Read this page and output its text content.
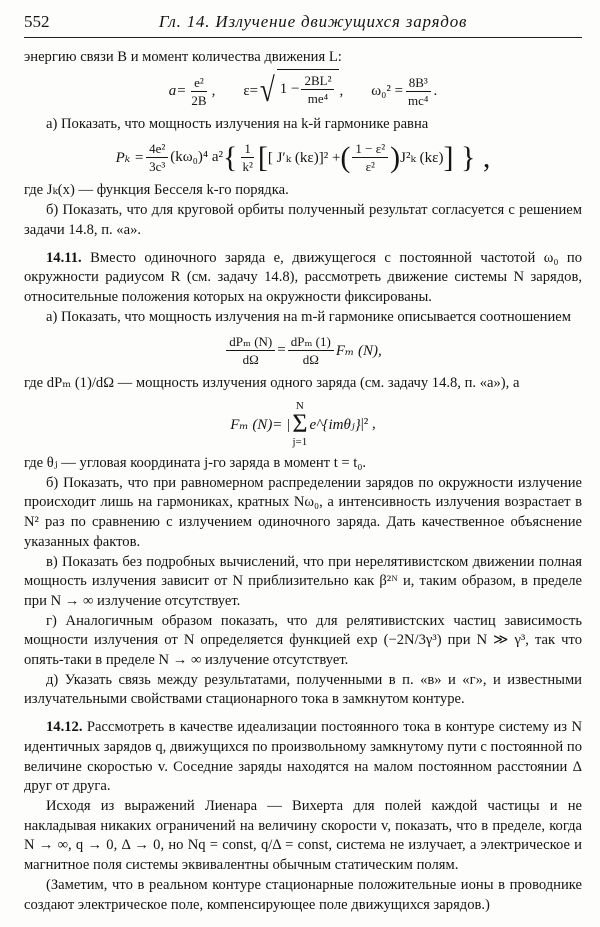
552	Гл. 14. Излучение движущихся зарядов

энергию связи B и момент количества движения L:

$a= \frac{\text{e²}}{2B}$ , ε= √ $1 - \frac{\text{2BL²}}{\text{me⁴}}$ , $\omega_0^2 = \frac{\text{8B³}}{\text{mc⁴}}$ .

а) Показать, что мощность излучения на k-й гармонике равна

$P_k = \frac{\text{4e²}}{\text{3c³}} (k\omega_0)^4$ a² { $\frac{1}{\text{k²}}$ [ [ J′ₖ (kε)]² + ( $\frac{\text{1 − ε²}}{\text{ε²}}$ ) J²ₖ (kε) ] } ,

где Jₖ(x) — функция Бесселя k-го порядка.

б) Показать, что для круговой орбиты полученный результат согласуется с решением задачи 14.8, п. «а».

14.11. Вместо одиночного заряда e, движущегося с постоянной частотой ω₀ по окружности радиусом R (см. задачу 14.8), рассмотреть движение системы N зарядов, относительные положения которых на окружности фиксированы.

а) Показать, что мощность излучения на m-й гармонике описывается соотношением

$\frac{\text{dPₘ (N)}}{d\Omega} = \frac{\text{dPₘ (1)}}{d\Omega}$ Fₘ (N),

где dPₘ (1)/dΩ — мощность излучения одного заряда (см. задачу 14.8, п. «а»), а

Fₘ (N)= |
N
Σ
j=1
e^{imθⱼ} |² ,

где θⱼ — угловая координата j-го заряда в момент t = t₀.

б) Показать, что при равномерном распределении зарядов по окружности излучение происходит лишь на гармониках, кратных Nω₀, а интенсивность излучения возрастает в N² раз по сравнению с излучением одиночного заряда. Дать качественное объяснение указанных фактов.

в) Показать без подробных вычислений, что при нерелятивистском движении полная мощность излучения зависит от N приблизительно как β²ᴺ и, таким образом, в пределе при N → ∞ излучение отсутствует.

г) Аналогичным образом показать, что для релятивистских частиц зависимость мощности излучения от N определяется функцией exp (−2N/3γ³) при N ≫ γ³, так что опять-таки в пределе N → ∞ излучение отсутствует.

д) Указать связь между результатами, полученными в п. «в» и «г», и известными излучательными свойствами стационарного тока в замкнутом контуре.

14.12. Рассмотреть в качестве идеализации постоянного тока в контуре систему из N идентичных зарядов q, движущихся по произвольному замкнутому пути с постоянной по величине скоростью v. Соседние заряды находятся на малом постоянном расстоянии Δ друг от друга.

Исходя из выражений Лиенара — Вихерта для полей каждой частицы и не накладывая никаких ограничений на величину скорости v, показать, что в пределе, когда N → ∞, q → 0, Δ → 0, но Nq = const, q/Δ = const, система не излучает, а электрическое и магнитное поля системы эквивалентны обычным статическим полям.

(Заметим, что в реальном контуре стационарные положительные ионы в проводнике создают электрическое поле, компенсирующее поле движущихся зарядов.)
